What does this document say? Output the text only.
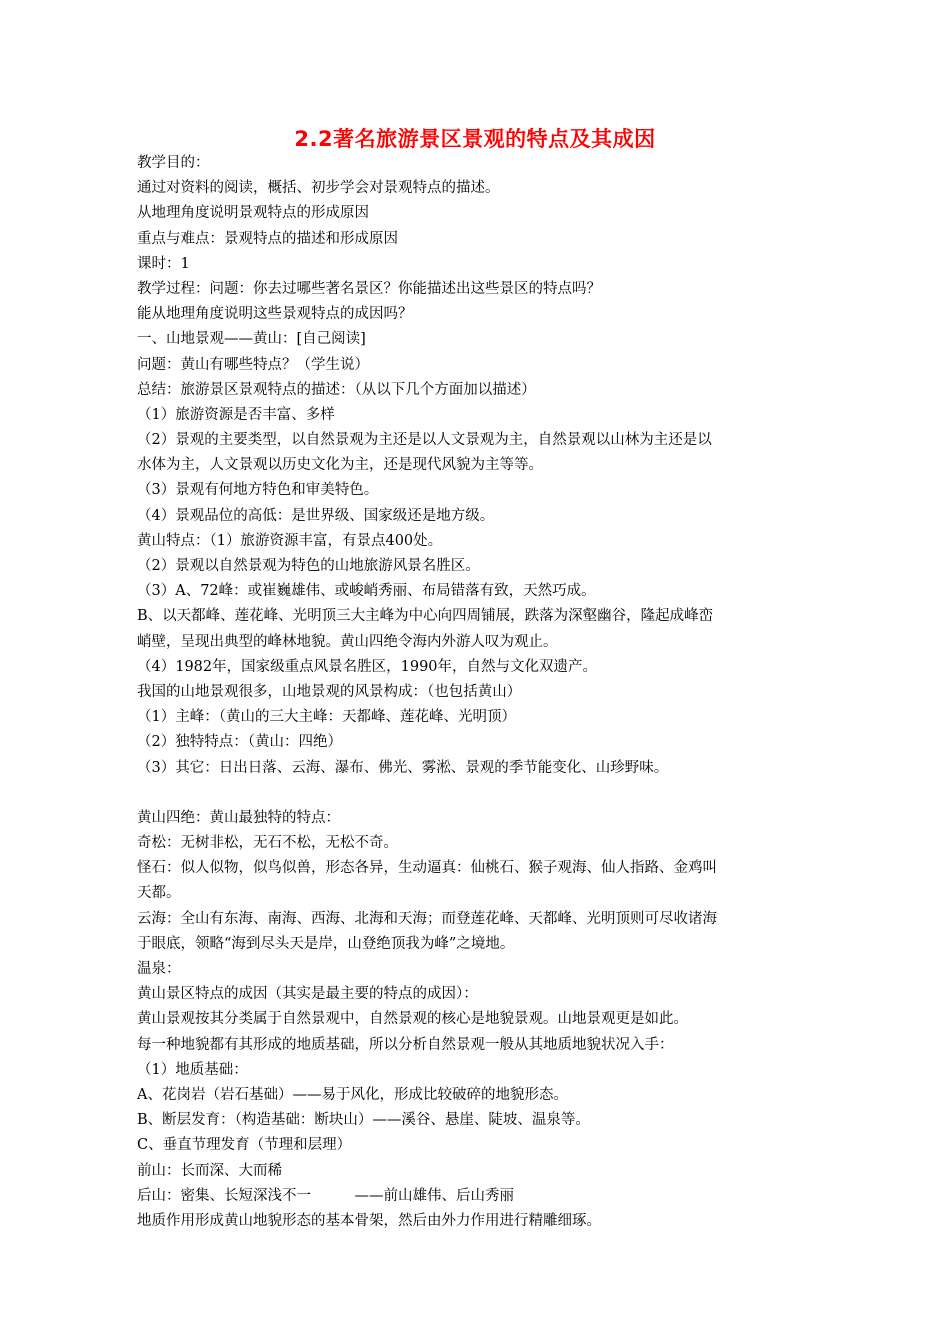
2.2著名旅游景区景观的特点及其成因
教学目的：
通过对资料的阅读，概括、初步学会对景观特点的描述。
从地理角度说明景观特点的形成原因
重点与难点：景观特点的描述和形成原因
课时：1
教学过程：问题：你去过哪些著名景区？你能描述出这些景区的特点吗？
能从地理角度说明这些景观特点的成因吗？
一、山地景观——黄山：[自己阅读]
问题：黄山有哪些特点？（学生说）
总结：旅游景区景观特点的描述：（从以下几个方面加以描述）
（1）旅游资源是否丰富、多样
（2）景观的主要类型，以自然景观为主还是以人文景观为主，自然景观以山林为主还是以
水体为主，人文景观以历史文化为主，还是现代风貌为主等等。
（3）景观有何地方特色和审美特色。
（4）景观品位的高低：是世界级、国家级还是地方级。
黄山特点：（1）旅游资源丰富，有景点400处。
（2）景观以自然景观为特色的山地旅游风景名胜区。
（3）A、72峰：或崔巍雄伟、或峻峭秀丽、布局错落有致，天然巧成。
B、以天都峰、莲花峰、光明顶三大主峰为中心向四周铺展，跌落为深壑幽谷，隆起成峰峦
峭壁，呈现出典型的峰林地貌。黄山四绝令海内外游人叹为观止。
（4）1982年，国家级重点风景名胜区，1990年，自然与文化双遗产。
我国的山地景观很多，山地景观的风景构成：（也包括黄山）
（1）主峰：（黄山的三大主峰：天都峰、莲花峰、光明顶）
（2）独特特点：（黄山：四绝）
（3）其它：日出日落、云海、瀑布、佛光、雾淞、景观的季节能变化、山珍野味。
黄山四绝：黄山最独特的特点：
奇松：无树非松，无石不松，无松不奇。
怪石：似人似物，似鸟似兽，形态各异，生动逼真：仙桃石、猴子观海、仙人指路、金鸡叫
天都。
云海：全山有东海、南海、西海、北海和天海；而登莲花峰、天都峰、光明顶则可尽收诸海
于眼底，领略“海到尽头天是岸，山登绝顶我为峰”之境地。
温泉：
黄山景区特点的成因（其实是最主要的特点的成因）：
黄山景观按其分类属于自然景观中，自然景观的核心是地貌景观。山地景观更是如此。
每一种地貌都有其形成的地质基础，所以分析自然景观一般从其地质地貌状况入手：
（1）地质基础：
A、花岗岩（岩石基础）——易于风化，形成比较破碎的地貌形态。
B、断层发育：（构造基础：断块山）——溪谷、悬崖、陡坡、温泉等。
C、垂直节理发育（节理和层理）
前山：长而深、大而稀
后山：密集、长短深浅不一　　　——前山雄伟、后山秀丽
地质作用形成黄山地貌形态的基本骨架，然后由外力作用进行精雕细琢。
